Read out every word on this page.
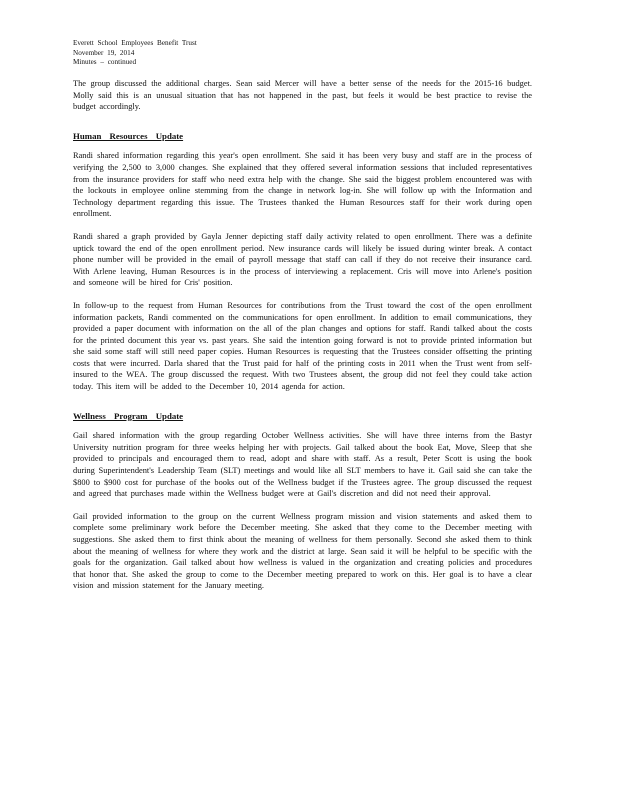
Everett School Employees Benefit Trust
November 19, 2014
Minutes – continued

The group discussed the additional charges. Sean said Mercer will have a better sense of the needs for the 2015-16 budget. Molly said this is an unusual situation that has not happened in the past, but feels it would be best practice to revise the budget accordingly.

Human Resources Update

Randi shared information regarding this year's open enrollment. She said it has been very busy and staff are in the process of verifying the 2,500 to 3,000 changes. She explained that they offered several information sessions that included representatives from the insurance providers for staff who need extra help with the change. She said the biggest problem encountered was with the lockouts in employee online stemming from the change in network log-in. She will follow up with the Information and Technology department regarding this issue. The Trustees thanked the Human Resources staff for their work during open enrollment.

Randi shared a graph provided by Gayla Jenner depicting staff daily activity related to open enrollment. There was a definite uptick toward the end of the open enrollment period. New insurance cards will likely be issued during winter break. A contact phone number will be provided in the email of payroll message that staff can call if they do not receive their insurance card. With Arlene leaving, Human Resources is in the process of interviewing a replacement. Cris will move into Arlene's position and someone will be hired for Cris' position.

In follow-up to the request from Human Resources for contributions from the Trust toward the cost of the open enrollment information packets, Randi commented on the communications for open enrollment. In addition to email communications, they provided a paper document with information on the all of the plan changes and options for staff. Randi talked about the costs for the printed document this year vs. past years. She said the intention going forward is not to provide printed information but she said some staff will still need paper copies. Human Resources is requesting that the Trustees consider offsetting the printing costs that were incurred. Darla shared that the Trust paid for half of the printing costs in 2011 when the Trust went from self-insured to the WEA. The group discussed the request. With two Trustees absent, the group did not feel they could take action today. This item will be added to the December 10, 2014 agenda for action.

Wellness Program Update

Gail shared information with the group regarding October Wellness activities. She will have three interns from the Bastyr University nutrition program for three weeks helping her with projects. Gail talked about the book Eat, Move, Sleep that she provided to principals and encouraged them to read, adopt and share with staff. As a result, Peter Scott is using the book during Superintendent's Leadership Team (SLT) meetings and would like all SLT members to have it. Gail said she can take the $800 to $900 cost for purchase of the books out of the Wellness budget if the Trustees agree. The group discussed the request and agreed that purchases made within the Wellness budget were at Gail's discretion and did not need their approval.

Gail provided information to the group on the current Wellness program mission and vision statements and asked them to complete some preliminary work before the December meeting. She asked that they come to the December meeting with suggestions. She asked them to first think about the meaning of wellness for them personally. Second she asked them to think about the meaning of wellness for where they work and the district at large. Sean said it will be helpful to be specific with the goals for the organization. Gail talked about how wellness is valued in the organization and creating policies and procedures that honor that. She asked the group to come to the December meeting prepared to work on this. Her goal is to have a clear vision and mission statement for the January meeting.
